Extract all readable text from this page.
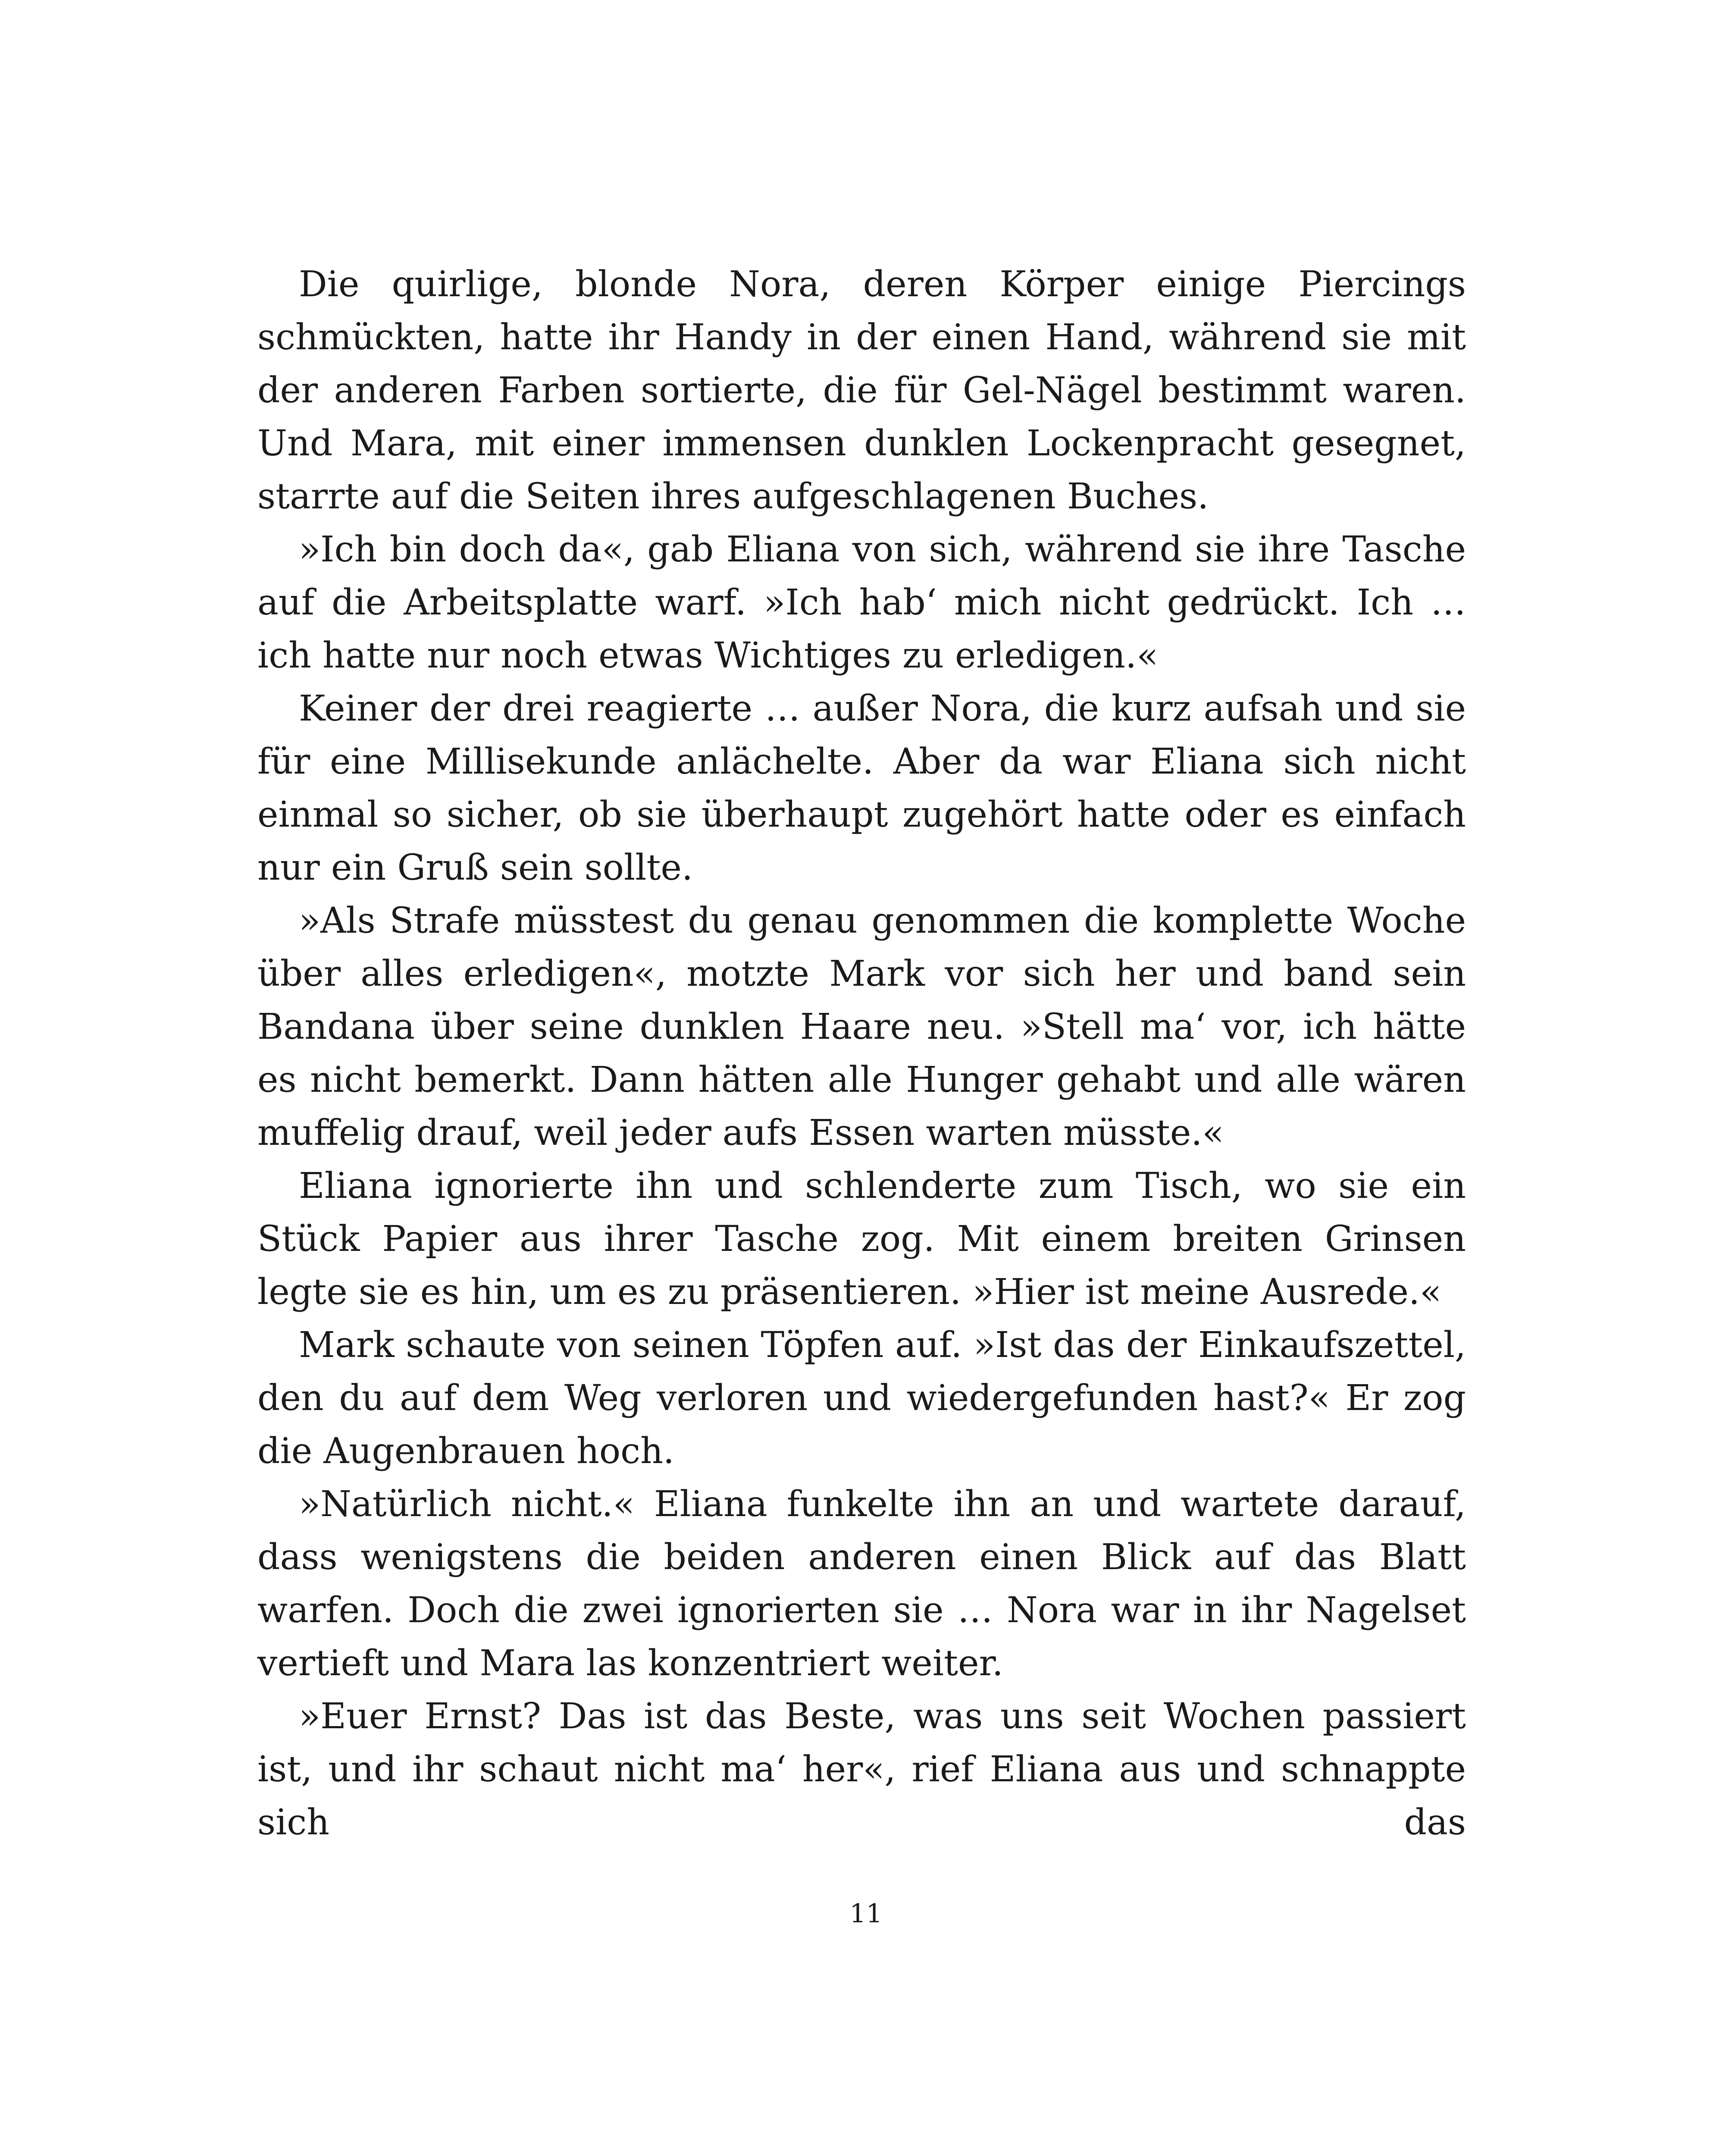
Die quirlige, blonde Nora, deren Körper einige Piercings schmückten, hatte ihr Handy in der einen Hand, während sie mit der anderen Farben sortierte, die für Gel-Nägel bestimmt waren. Und Mara, mit einer immensen dunklen Lockenpracht gesegnet, starrte auf die Seiten ihres aufgeschlagenen Buches.

»Ich bin doch da«, gab Eliana von sich, während sie ihre Tasche auf die Arbeitsplatte warf. »Ich hab‘ mich nicht gedrückt. Ich … ich hatte nur noch etwas Wichtiges zu erledigen.«

Keiner der drei reagierte … außer Nora, die kurz aufsah und sie für eine Millisekunde anlächelte. Aber da war Eliana sich nicht einmal so sicher, ob sie überhaupt zugehört hatte oder es einfach nur ein Gruß sein sollte.

»Als Strafe müsstest du genau genommen die komplette Woche über alles erledigen«, motzte Mark vor sich her und band sein Bandana über seine dunklen Haare neu. »Stell ma‘ vor, ich hätte es nicht bemerkt. Dann hätten alle Hunger gehabt und alle wären muffelig drauf, weil jeder aufs Essen warten müsste.«

Eliana ignorierte ihn und schlenderte zum Tisch, wo sie ein Stück Papier aus ihrer Tasche zog. Mit einem breiten Grinsen legte sie es hin, um es zu präsentieren. »Hier ist meine Ausrede.«

Mark schaute von seinen Töpfen auf. »Ist das der Einkaufszettel, den du auf dem Weg verloren und wiedergefunden hast?« Er zog die Augenbrauen hoch.

»Natürlich nicht.« Eliana funkelte ihn an und wartete darauf, dass wenigstens die beiden anderen einen Blick auf das Blatt warfen. Doch die zwei ignorierten sie … Nora war in ihr Nagelset vertieft und Mara las konzentriert weiter.

»Euer Ernst? Das ist das Beste, was uns seit Wochen passiert ist, und ihr schaut nicht ma‘ her«, rief Eliana aus und schnappte sich das

11
